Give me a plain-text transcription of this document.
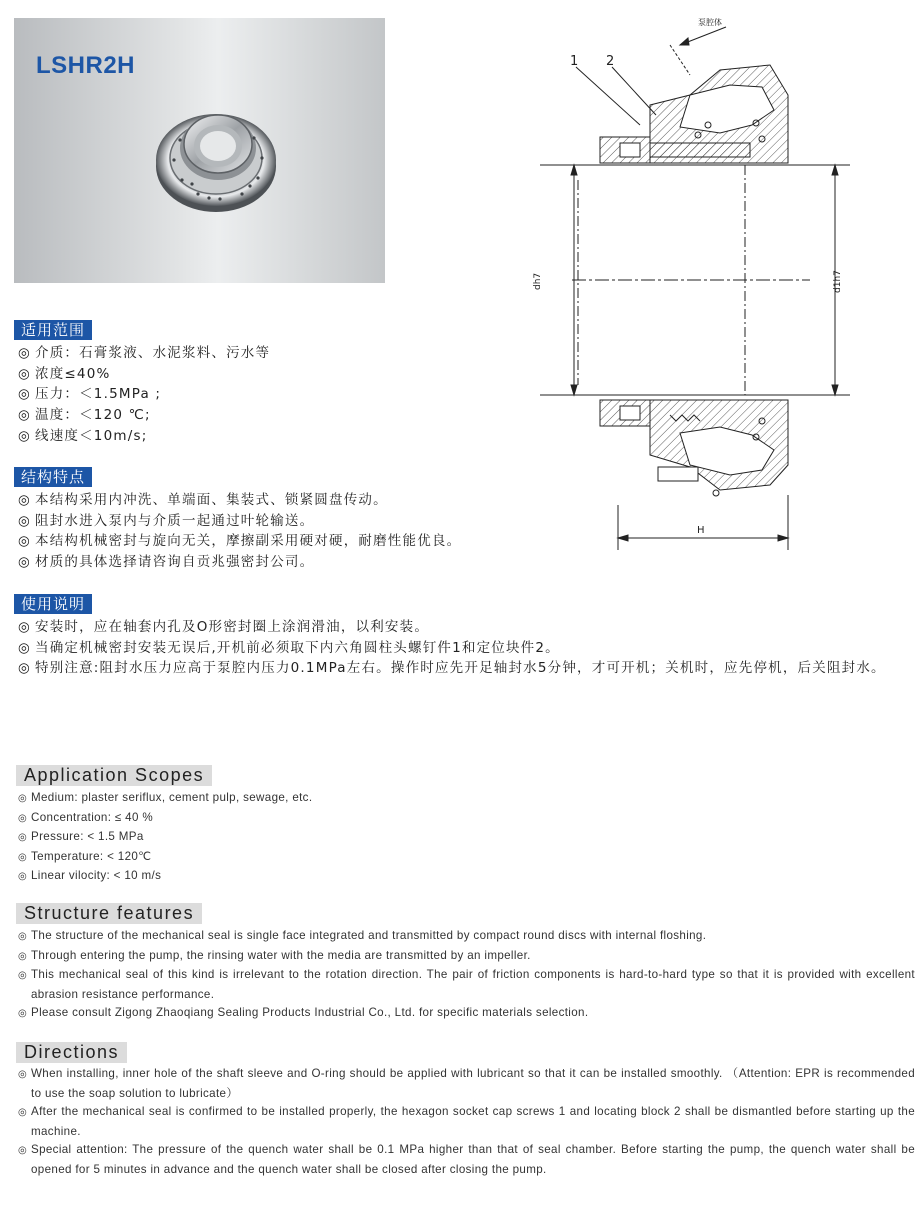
LSHR2H	1 2
泵腔体
dh7	d1h7
H
适用范围
◎ 介质：石膏浆液、水泥浆料、污水等
◎ 浓度≤40%
◎ 压力：＜1.5MPa ;
◎ 温度：＜120 ℃;
◎ 线速度＜10m/s;
结构特点
◎ 本结构采用内冲洗、单端面、集装式、锁紧圆盘传动。
◎ 阻封水进入泵内与介质一起通过叶轮输送。
◎ 本结构机械密封与旋向无关，摩擦副采用硬对硬，耐磨性能优良。
◎ 材质的具体选择请咨询自贡兆强密封公司。
使用说明
◎ 安装时，应在轴套内孔及O形密封圈上涂润滑油，以利安装。
◎ 当确定机械密封安装无误后,开机前必须取下内六角圆柱头螺钉件1和定位块件2。
◎ 特别注意:阻封水压力应高于泵腔内压力0.1MPa左右。操作时应先开足轴封水5分钟，才可开机；关机时，应先停机，后关阻封水。
Application Scopes
◎ Medium: plaster seriflux, cement pulp, sewage, etc.
◎ Concentration: ≤ 40 %
◎ Pressure: < 1.5 MPa
◎ Temperature: < 120℃
◎ Linear vilocity: < 10 m/s
Structure features
◎ The structure of the mechanical seal is single face integrated and transmitted by compact round discs with internal floshing.
◎ Through entering the pump, the rinsing water with the media are transmitted by an impeller.
◎ This mechanical seal of this kind is irrelevant to the rotation direction. The pair of friction components is hard-to-hard type so that it is provided with excellent abrasion resistance performance.
◎ Please consult Zigong Zhaoqiang Sealing Products Industrial Co., Ltd. for specific materials selection.
Directions
◎ When installing, inner hole of the shaft sleeve and O-ring should be applied with lubricant so that it can be installed smoothly. （Attention: EPR is recommended to use the soap solution to lubricate）
◎ After the mechanical seal is confirmed to be installed properly, the hexagon socket cap screws 1 and locating block 2 shall be dismantled before starting up the machine.
◎ Special attention: The pressure of the quench water shall be 0.1 MPa higher than that of seal chamber. Before starting the pump, the quench water shall be opened for 5 minutes in advance and the quench water shall be closed after closing the pump.
